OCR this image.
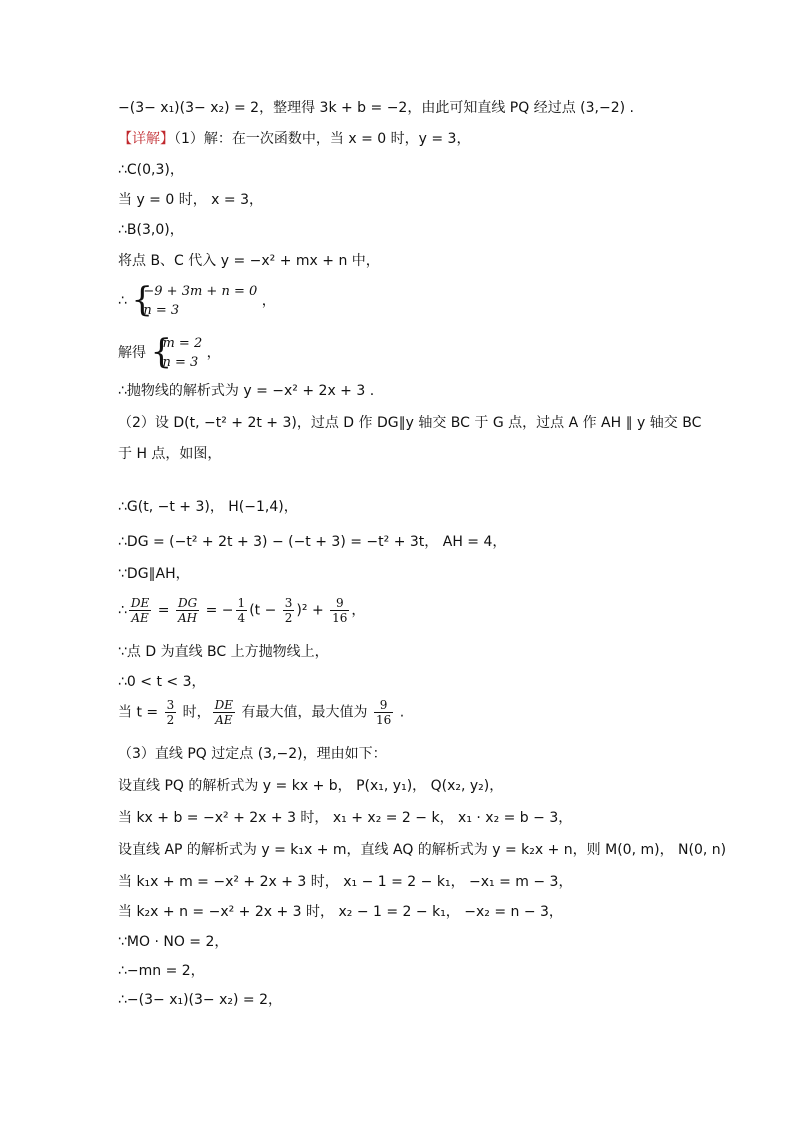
−(3− x₁)(3− x₂) = 2，整理得 3k + b = −2，由此可知直线 PQ 经过点 (3,−2) .
【详解】（1）解：在一次函数中，当 x = 0 时，y = 3，
∴C(0,3)，
当 y = 0 时， x = 3，
∴B(3,0)，
将点 B、C 代入 y = −x² + mx + n 中，
∴ {
−9 + 3m + n = 0
n = 3
，
解得 {
m = 2
n = 3
，
∴抛物线的解析式为 y = −x² + 2x + 3 .
（2）设 D(t, −t² + 2t + 3)，过点 D 作 DG∥y 轴交 BC 于 G 点，过点 A 作 AH ∥ y 轴交 BC
于 H 点，如图，
∴G(t, −t + 3)， H(−1,4)，
∴DG = (−t² + 2t + 3) − (−t + 3) = −t² + 3t， AH = 4，
∵DG∥AH，
∴ $\frac{DE}{AE} = \frac{DG}{AH}$ = − $\frac{1}{4} (t - \frac{3}{2} )^2 + \frac{9}{16}$ ，
∵点 D 为直线 BC 上方抛物线上，
∴0 < t < 3，
当 $t = \frac{3}{2}$ 时， $\frac{DE}{AE}$ 有最大值，最大值为 $\frac{9}{16}$ .
（3）直线 PQ 过定点 (3,−2)，理由如下：
设直线 PQ 的解析式为 y = kx + b， P(x₁, y₁)， Q(x₂, y₂)，
当 kx + b = −x² + 2x + 3 时， x₁ + x₂ = 2 − k， x₁ · x₂ = b − 3，
设直线 AP 的解析式为 y = k₁x + m，直线 AQ 的解析式为 y = k₂x + n，则 M(0, m)， N(0, n)
当 k₁x + m = −x² + 2x + 3 时， x₁ − 1 = 2 − k₁， −x₁ = m − 3，
当 k₂x + n = −x² + 2x + 3 时， x₂ − 1 = 2 − k₁， −x₂ = n − 3，
∵MO · NO = 2，
∴−mn = 2，
∴−(3− x₁)(3− x₂) = 2，
